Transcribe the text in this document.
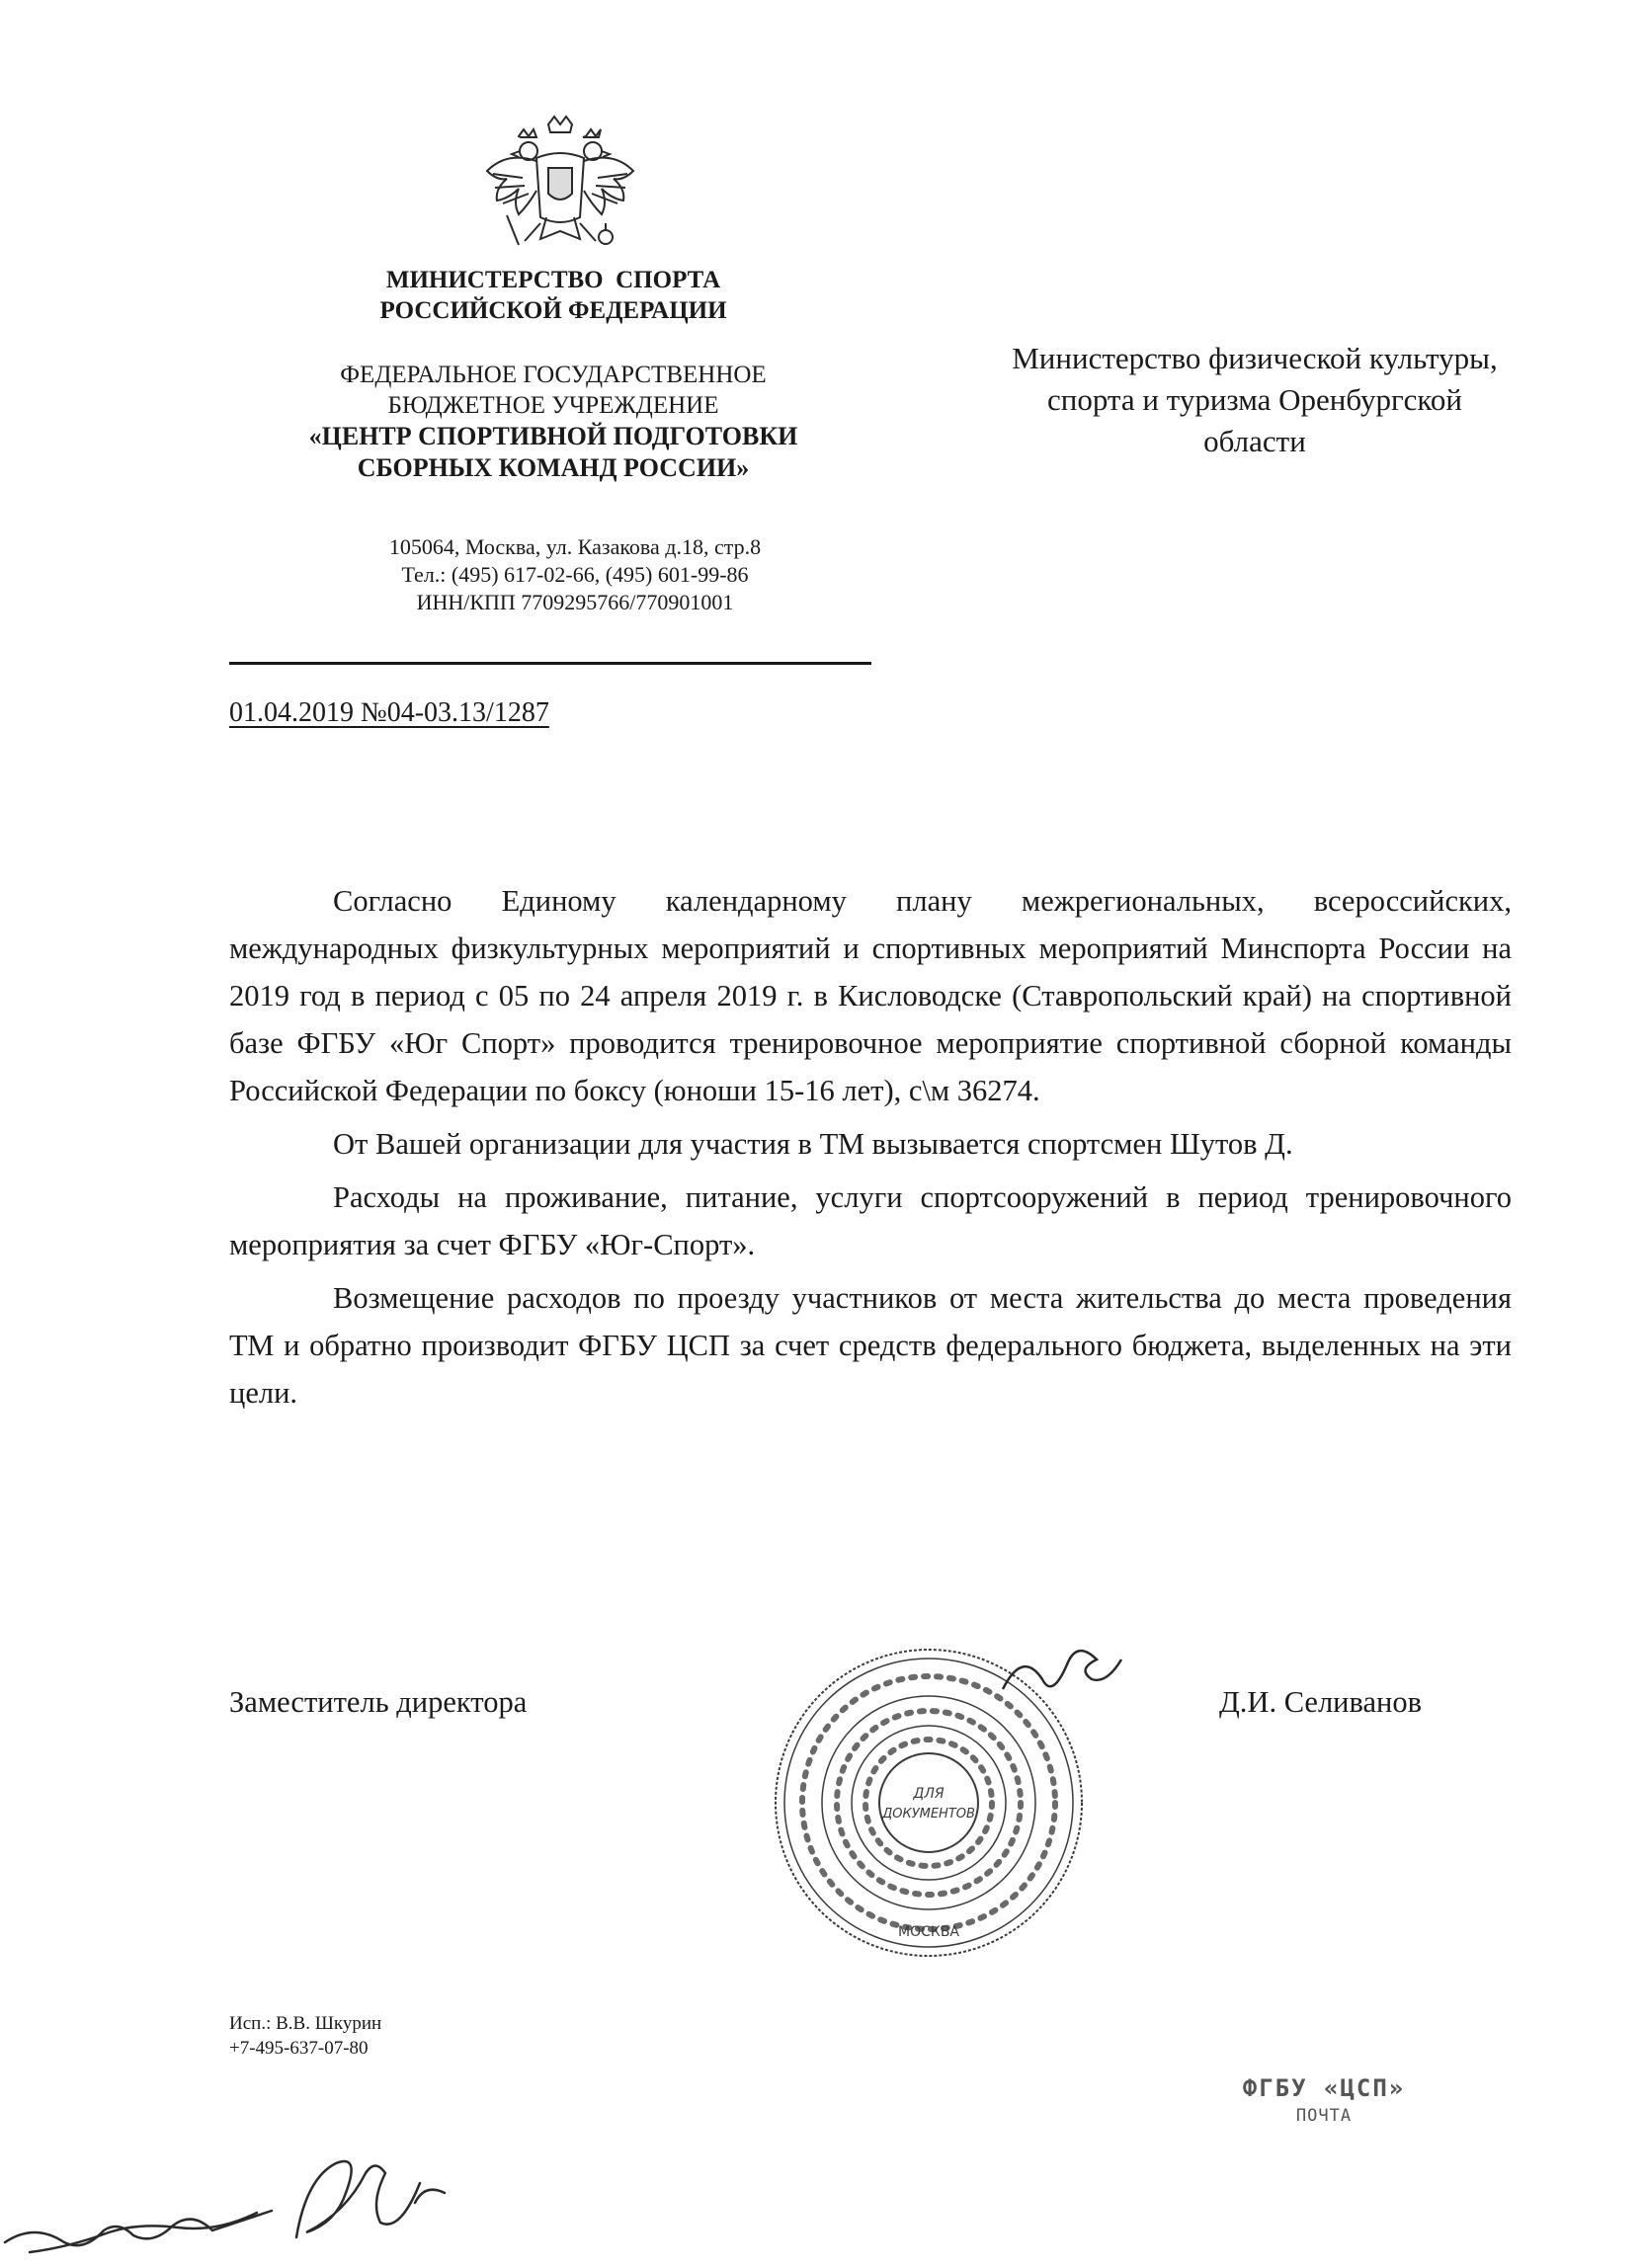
МИНИСТЕРСТВО  СПОРТА
РОССИЙСКОЙ ФЕДЕРАЦИИ
ФЕДЕРАЛЬНОЕ ГОСУДАРСТВЕННОЕ
БЮДЖЕТНОЕ УЧРЕЖДЕНИЕ
«ЦЕНТР СПОРТИВНОЙ ПОДГОТОВКИ
СБОРНЫХ КОМАНД РОССИИ»
105064, Москва, ул. Казакова д.18, стр.8
Тел.: (495) 617-02-66, (495) 601-99-86
ИНН/КПП 7709295766/770901001
01.04.2019 №04-03.13/1287
Министерство физической культуры,
спорта и туризма Оренбургской
области

Согласно Единому календарному плану межрегиональных, всероссийских, международных физкультурных мероприятий и спортивных мероприятий Минспорта России на 2019 год в период с 05 по 24 апреля 2019 г. в Кисловодске (Ставропольский край) на спортивной базе ФГБУ «Юг Спорт» проводится тренировочное мероприятие спортивной сборной команды Российской Федерации по боксу (юноши 15-16 лет), с\м 36274.

От Вашей организации для участия в ТМ вызывается спортсмен Шутов Д.

Расходы на проживание, питание, услуги спортсооружений в период тренировочного мероприятия за счет ФГБУ «Юг-Спорт».

Возмещение расходов по проезду участников от места жительства до места проведения ТМ и обратно производит ФГБУ ЦСП за счет средств федерального бюджета, выделенных на эти цели.

ДЛЯ
ДОКУМЕНТОВ
МОСКВА
Заместитель директора	Д.И. Селиванов
Исп.: В.В. Шкурин
+7-495-637-07-80
ФГБУ «ЦСП»
ПОЧТА
